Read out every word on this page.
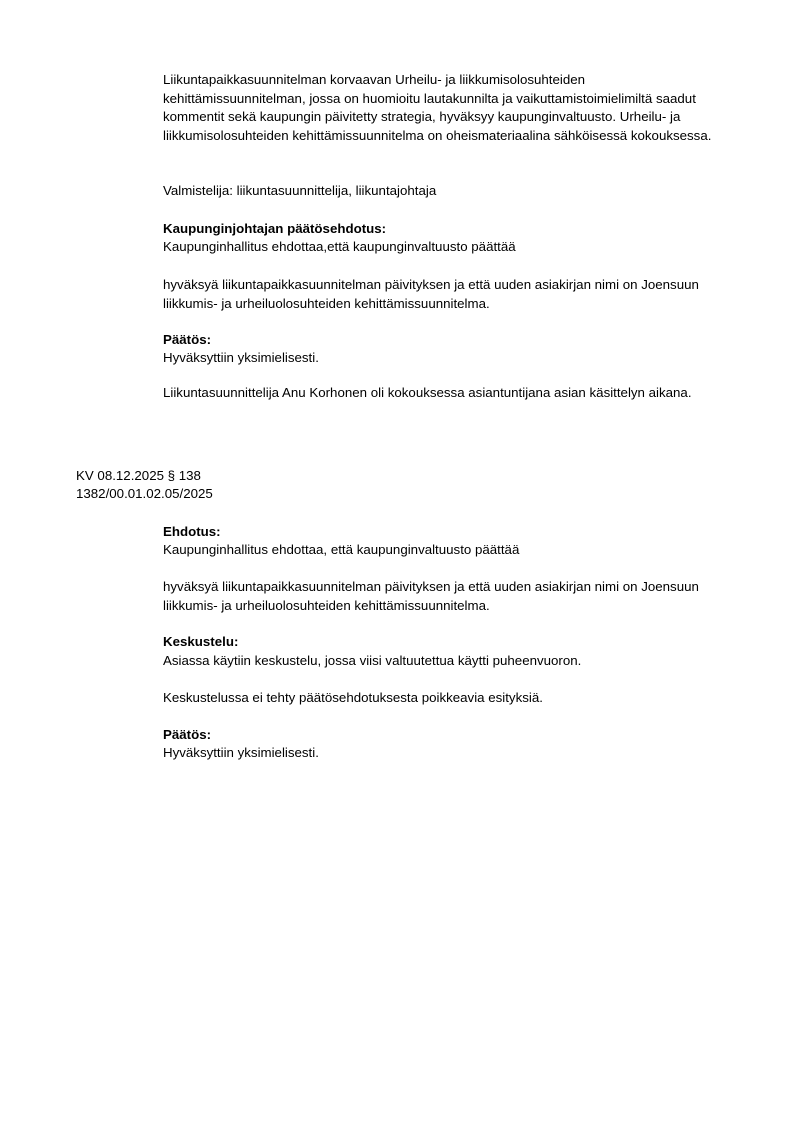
Liikuntapaikkasuunnitelman korvaavan Urheilu- ja liikkumisolosuhteiden kehittämissuunnitelman, jossa on huomioitu lautakunnilta ja vaikuttamistoimielimiltä saadut kommentit sekä kaupungin päivitetty strategia, hyväksyy kaupunginvaltuusto. Urheilu- ja liikkumisolosuhteiden kehittämissuunnitelma on oheismateriaalina sähköisessä kokouksessa.

Valmistelija: liikuntasuunnittelija, liikuntajohtaja

Kaupunginjohtajan päätösehdotus:

Kaupunginhallitus ehdottaa,että kaupunginvaltuusto päättää

hyväksyä liikuntapaikkasuunnitelman päivityksen ja että uuden asiakirjan nimi on Joensuun liikkumis- ja urheiluolosuhteiden kehittämissuunnitelma.

Päätös:

Hyväksyttiin yksimielisesti.

Liikuntasuunnittelija Anu Korhonen oli kokouksessa asiantuntijana asian käsittelyn aikana.

KV 08.12.2025 § 138

1382/00.01.02.05/2025

Ehdotus:

Kaupunginhallitus ehdottaa, että kaupunginvaltuusto päättää

hyväksyä liikuntapaikkasuunnitelman päivityksen ja että uuden asiakirjan nimi on Joensuun liikkumis- ja urheiluolosuhteiden kehittämissuunnitelma.

Keskustelu:

Asiassa käytiin keskustelu, jossa viisi valtuutettua käytti puheenvuoron.

Keskustelussa ei tehty päätösehdotuksesta poikkeavia esityksiä.

Päätös:

Hyväksyttiin yksimielisesti.
